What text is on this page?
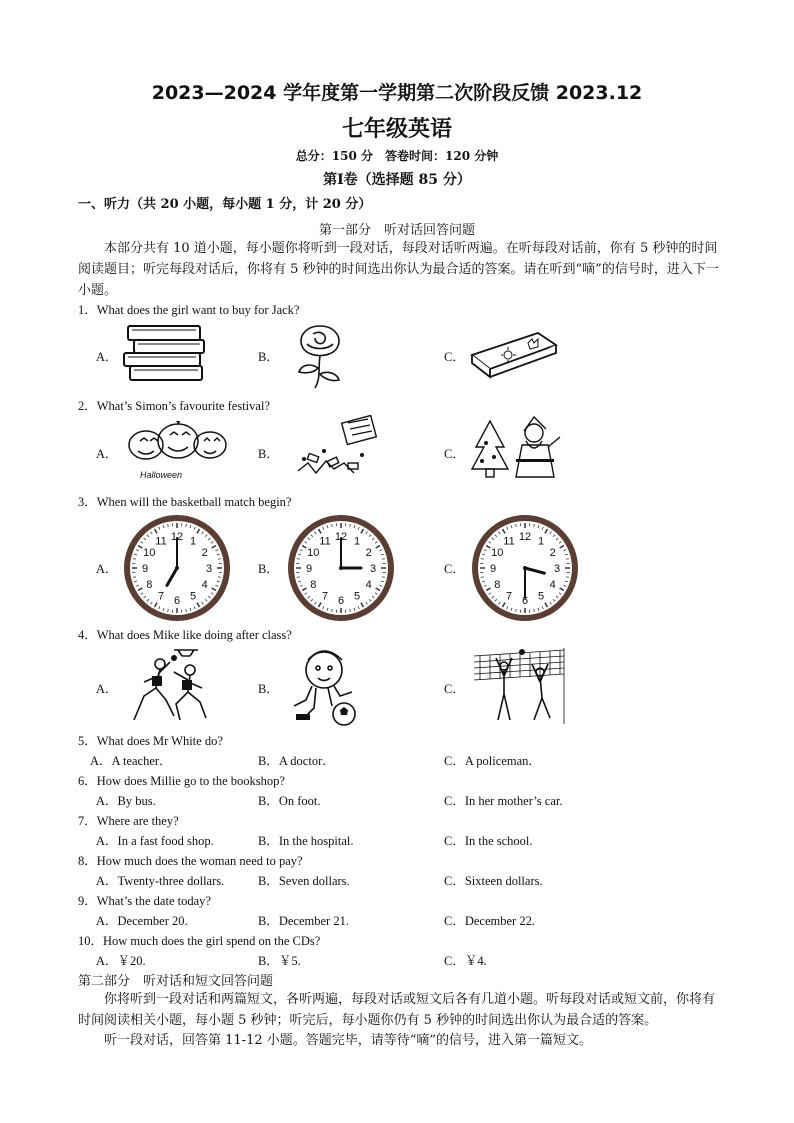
2023—2024 学年度第一学期第二次阶段反馈 2023.12
七年级英语
总分：150 分　答卷时间：120 分钟
第Ⅰ卷（选择题 85 分）
一、听力（共 20 小题，每小题 1 分，计 20 分）
第一部分　听对话回答问题
本部分共有 10 道小题，每小题你将听到一段对话，每段对话听两遍。在听每段对话前，你有 5 秒钟的时间阅读题目；听完每段对话后，你将有 5 秒钟的时间选出你认为最合适的答案。请在听到“嘀”的信号时，进入下一小题。
1．What does the girl want to buy for Jack?
A．	B．	C．
2．What’s Simon’s favourite festival?
A．	B．	C．
Halloween
3．When will the basketball match begin?
A．	B．	C．
12 1
2
3
4
5
6
7
8
9
10
11	12 1
2
3
4
5
6
7
8
9
10
11	12 1
2
3
4
5
6
7
8
9
10
11
4．What does Mike like doing after class?
A．	B．	C．
5．What does Mr White do?
A．A teacher．	B．A doctor．	C．A policeman．
6．How does Millie go to the bookshop?
A．By bus.	B．On foot.	C．In her mother’s car.
7．Where are they?
A．In a fast food shop.	B．In the hospital.	C．In the school.
8．How much does the woman need to pay?
A．Twenty-three dollars.	B．Seven dollars.	C．Sixteen dollars.
9．What’s the date today?
A．December 20.	B．December 21.	C．December 22.
10．How much does the girl spend on the CDs?
A．￥20.	B．￥5.	C．￥4.
第二部分　听对话和短文回答问题
你将听到一段对话和两篇短文，各听两遍，每段对话或短文后各有几道小题。听每段对话或短文前，你将有时间阅读相关小题，每小题 5 秒钟；听完后，每小题你仍有 5 秒钟的时间选出你认为最合适的答案。
听一段对话，回答第 11-12 小题。答题完毕，请等待“嘀”的信号，进入第一篇短文。
